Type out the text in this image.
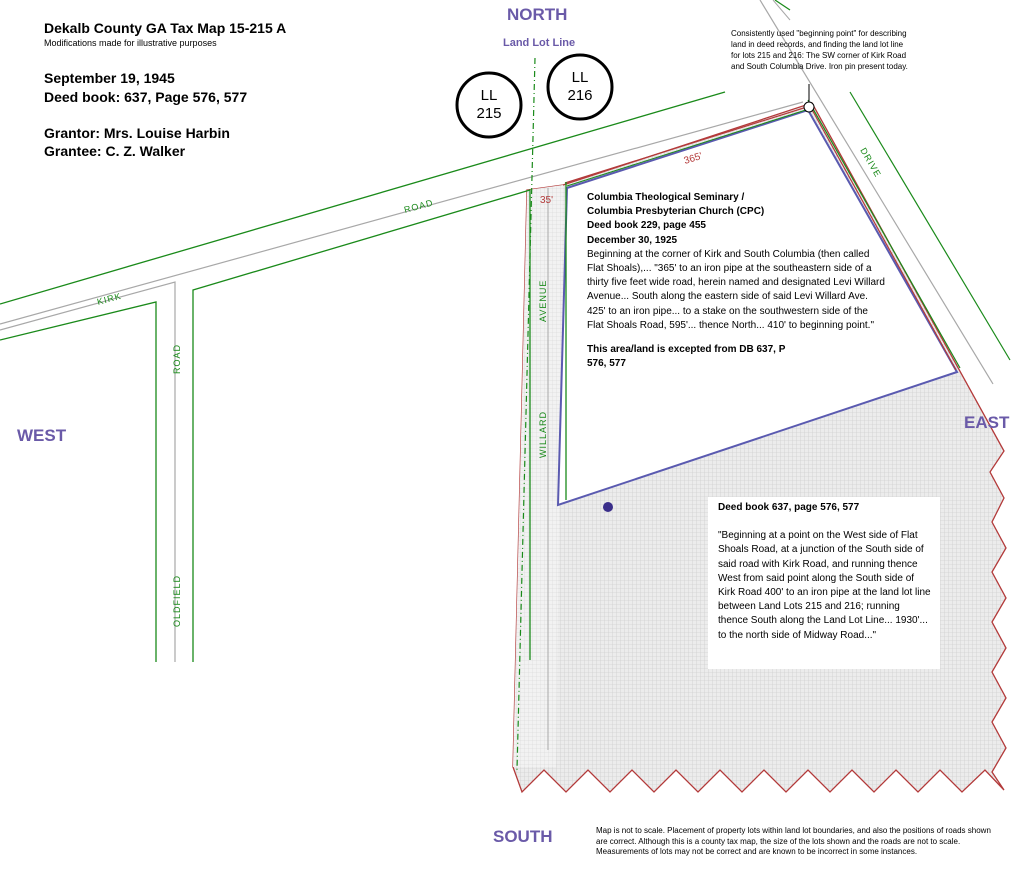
LL
215
LL
216
KIRK
ROAD
ROAD
OLDFIELD
WILLARD
AVENUE
DRIVE
365'
35'

Dekalb County GA Tax Map 15-215 A

Modifications made for illustrative purposes

September 19, 1945

Deed book: 637, Page 576, 577

Grantor: Mrs. Louise Harbin

Grantee: C. Z. Walker

NORTH

SOUTH

EAST

WEST

Land Lot Line

Consistently used "beginning point" for describing land in deed records, and finding the land lot line for lots 215 and 216: The SW corner of Kirk Road and South Columbia Drive. Iron pin present today.

Columbia Theological Seminary /

Columbia Presbyterian Church (CPC)

Deed book 229, page 455

December 30, 1925

Beginning at the corner of Kirk and South Columbia (then called Flat Shoals),... "365' to an iron pipe at the southeastern side of a thirty five feet wide road, herein named and designated Levi Willard Avenue... South along the eastern side of said Levi Willard Ave. 425' to an iron pipe... to a stake on the southwestern side of the Flat Shoals Road, 595'... thence North... 410' to beginning point."

This area/land is excepted from DB 637, P 576, 577

Deed book 637, page 576, 577

"Beginning at a point on the West side of Flat Shoals Road, at a junction of the South side of said road with Kirk Road, and running thence West from said point along the South side of Kirk Road 400' to an iron pipe at the land lot line between Land Lots 215 and 216; running thence South along the Land Lot Line... 1930'... to the north side of Midway Road..."

Map is not to scale. Placement of property lots within land lot boundaries, and also the positions of roads shown are correct. Although this is a county tax map, the size of the lots shown and the roads are not to scale. Measurements of lots may not be correct and are known to be incorrect in some instances.
